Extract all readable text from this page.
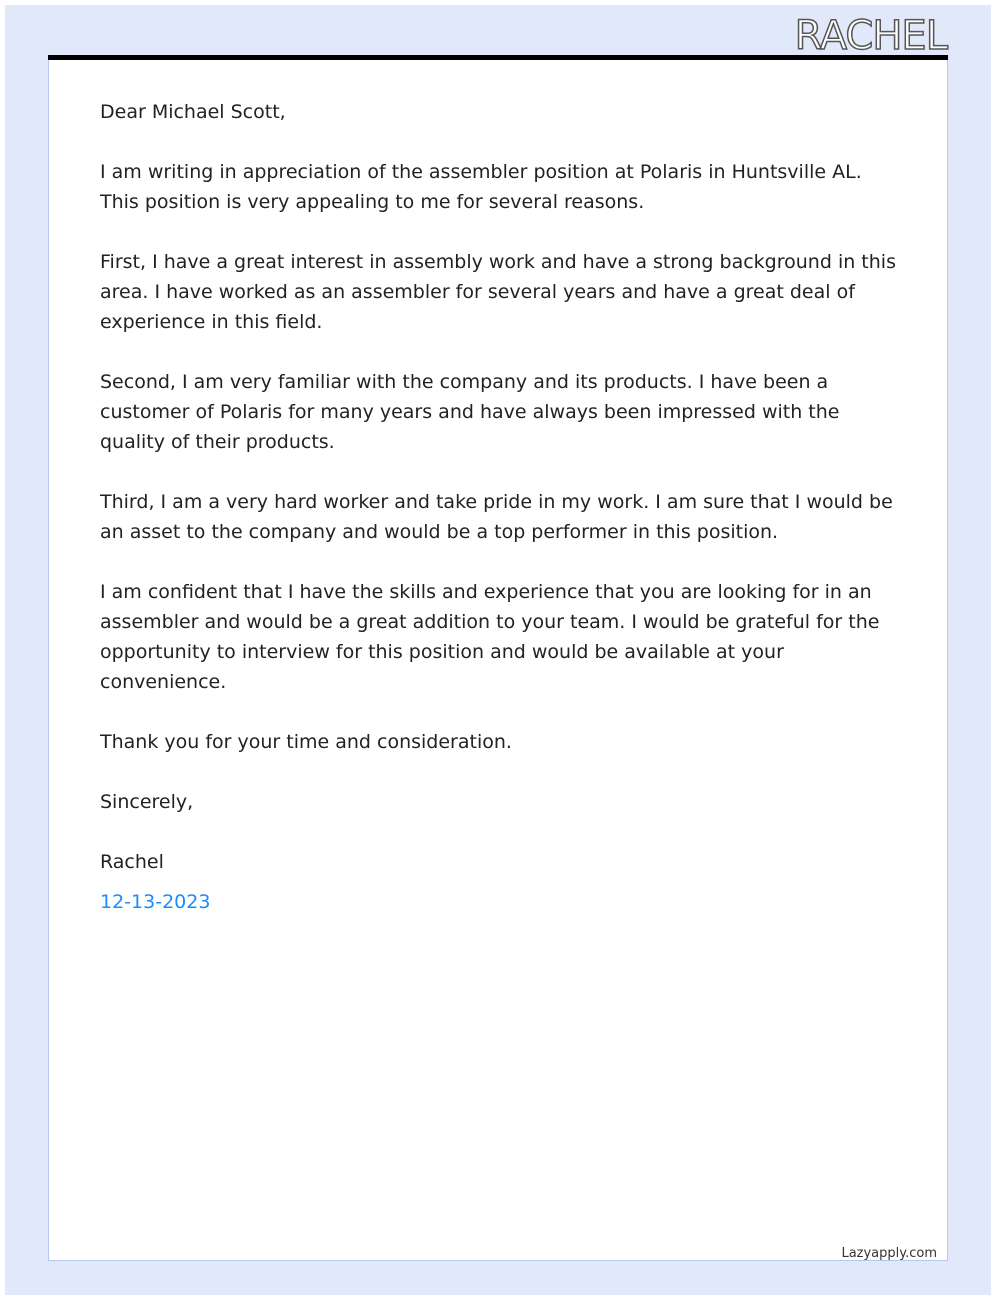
RACHEL

Dear Michael Scott,

I am writing in appreciation of the assembler position at Polaris in Huntsville AL. This position is very appealing to me for several reasons.

First, I have a great interest in assembly work and have a strong background in this area. I have worked as an assembler for several years and have a great deal of experience in this field.

Second, I am very familiar with the company and its products. I have been a customer of Polaris for many years and have always been impressed with the quality of their products.

Third, I am a very hard worker and take pride in my work. I am sure that I would be an asset to the company and would be a top performer in this position.

I am confident that I have the skills and experience that you are looking for in an assembler and would be a great addition to your team. I would be grateful for the opportunity to interview for this position and would be available at your convenience.

Thank you for your time and consideration.

Sincerely,

Rachel

12-13-2023

Lazyapply.com
